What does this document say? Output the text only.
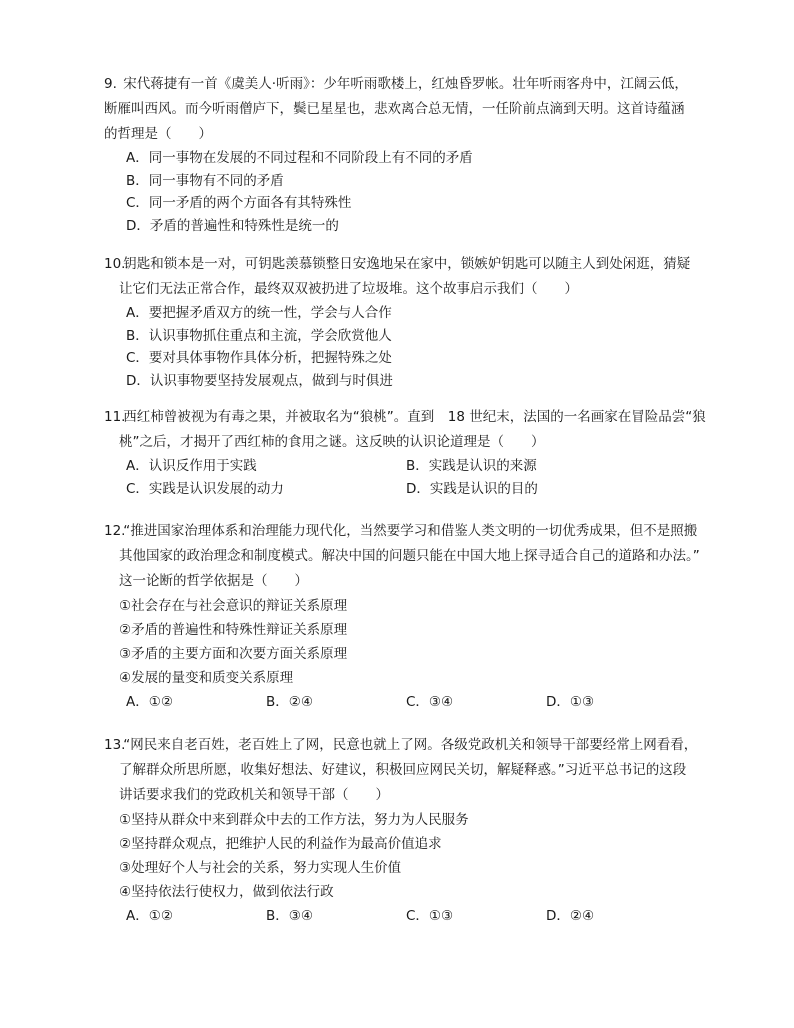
9. 宋代蒋捷有一首《虞美人·听雨》：少年听雨歌楼上，红烛昏罗帐。壮年听雨客舟中，江阔云低，
断雁叫西风。而今听雨僧庐下，鬓已星星也，悲欢离合总无情，一任阶前点滴到天明。这首诗蕴涵
的哲理是（　　）
A．同一事物在发展的不同过程和不同阶段上有不同的矛盾
B．同一事物有不同的矛盾
C．同一矛盾的两个方面各有其特殊性
D．矛盾的普遍性和特殊性是统一的
10. 钥匙和锁本是一对，可钥匙羡慕锁整日安逸地呆在家中，锁嫉妒钥匙可以随主人到处闲逛，猜疑
让它们无法正常合作，最终双双被扔进了垃圾堆。这个故事启示我们（　　）
A．要把握矛盾双方的统一性，学会与人合作
B．认识事物抓住重点和主流，学会欣赏他人
C．要对具体事物作具体分析，把握特殊之处
D．认识事物要坚持发展观点，做到与时俱进
11. 西红柿曾被视为有毒之果，并被取名为“狼桃”。直到　18 世纪末，法国的一名画家在冒险品尝“狼
桃”之后，才揭开了西红柿的食用之谜。这反映的认识论道理是（　　）
A．认识反作用于实践	B．实践是认识的来源
C．实践是认识发展的动力	D．实践是认识的目的
12. “推进国家治理体系和治理能力现代化，当然要学习和借鉴人类文明的一切优秀成果，但不是照搬
其他国家的政治理念和制度模式。解决中国的问题只能在中国大地上探寻适合自己的道路和办法。”
这一论断的哲学依据是（　　）
①社会存在与社会意识的辩证关系原理
②矛盾的普遍性和特殊性辩证关系原理
③矛盾的主要方面和次要方面关系原理
④发展的量变和质变关系原理
A．①②	B．②④	C．③④	D．①③
13. “网民来自老百姓，老百姓上了网，民意也就上了网。各级党政机关和领导干部要经常上网看看，
了解群众所思所愿，收集好想法、好建议，积极回应网民关切，解疑释惑。”习近平总书记的这段
讲话要求我们的党政机关和领导干部（　　）
①坚持从群众中来到群众中去的工作方法，努力为人民服务
②坚持群众观点，把维护人民的利益作为最高价值追求
③处理好个人与社会的关系，努力实现人生价值
④坚持依法行使权力，做到依法行政
A．①②	B．③④	C．①③	D．②④
